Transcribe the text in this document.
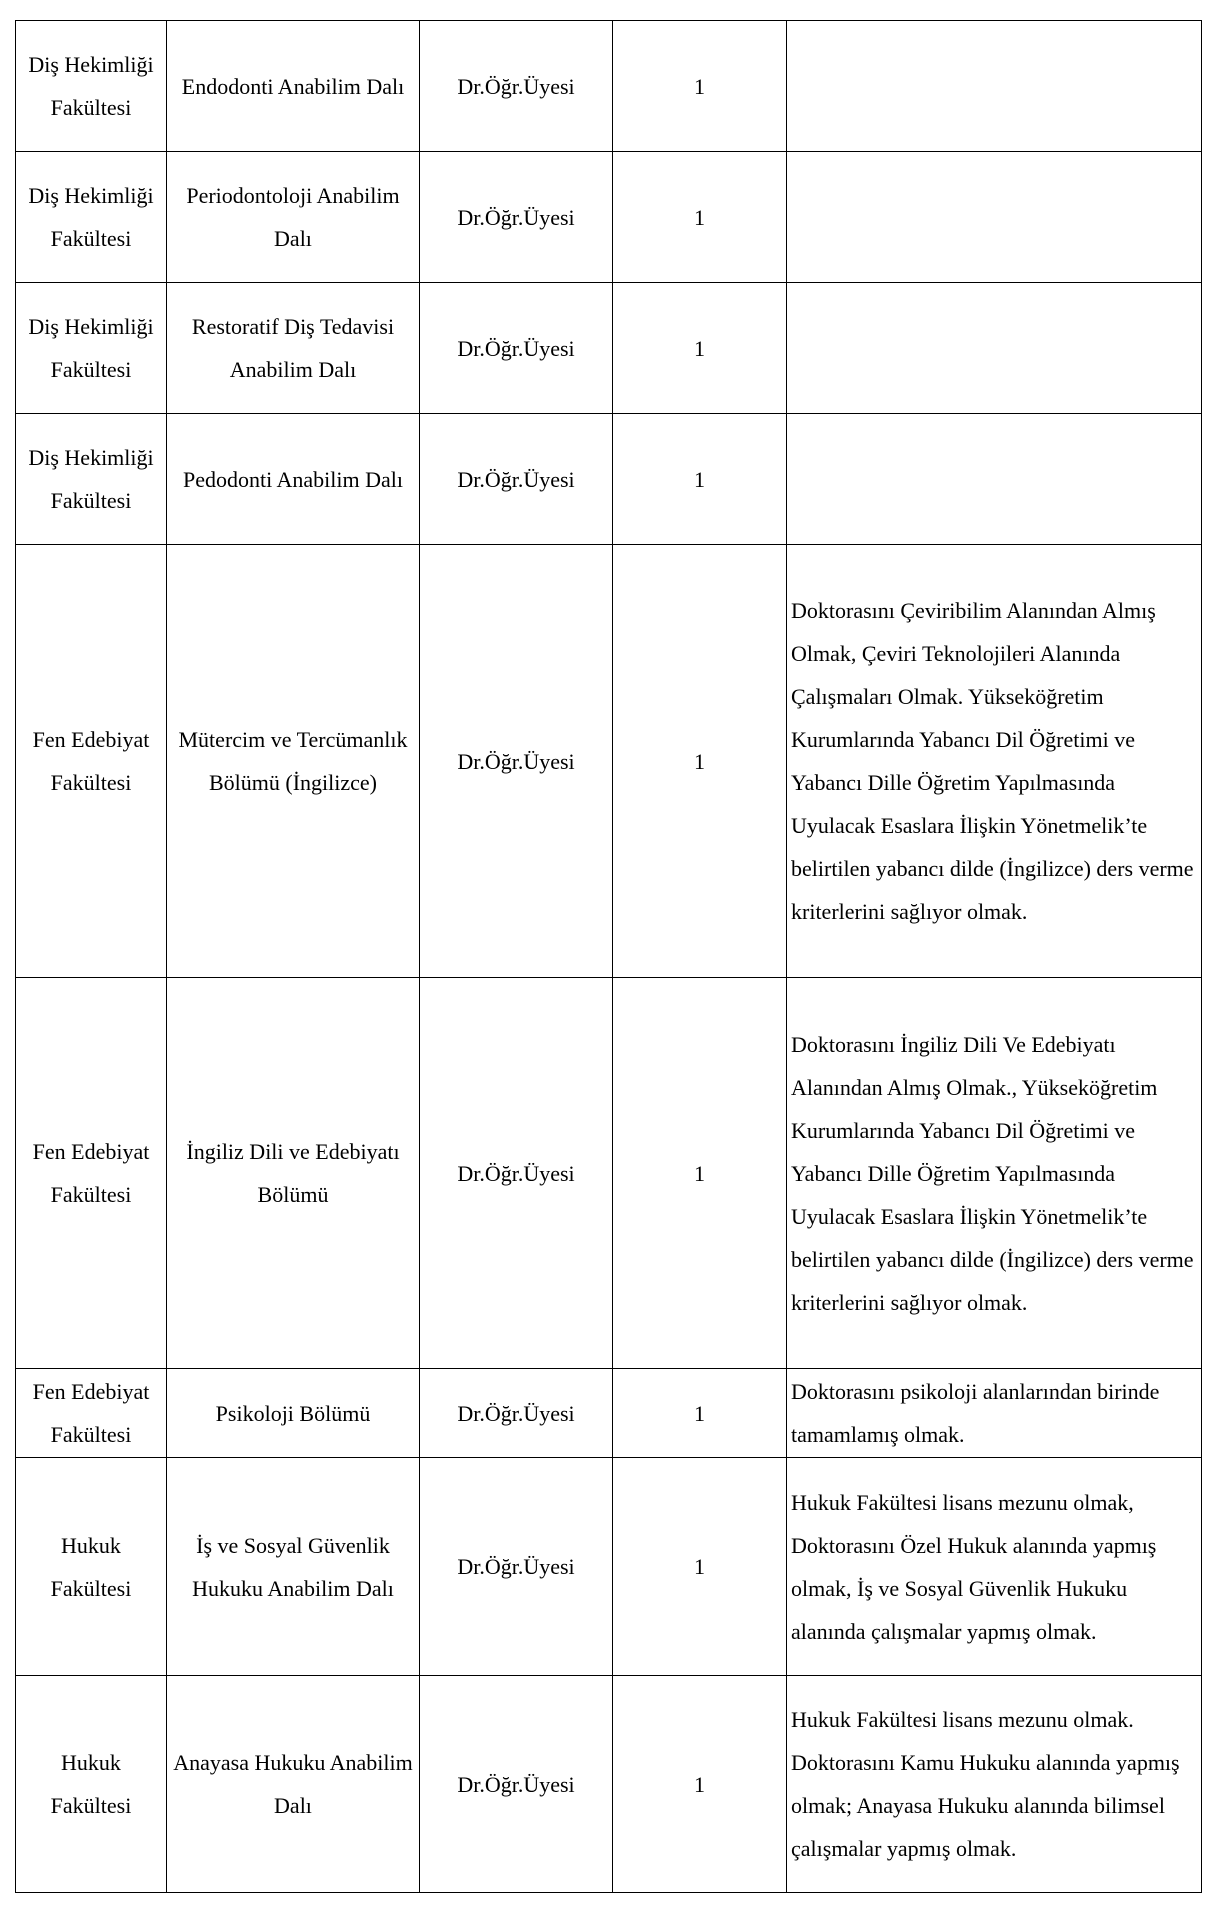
Diş Hekimliği Fakültesi	Endodonti Anabilim Dalı	Dr.Öğr.Üyesi	1	
Diş Hekimliği Fakültesi	Periodontoloji Anabilim Dalı	Dr.Öğr.Üyesi	1	
Diş Hekimliği Fakültesi	Restoratif Diş Tedavisi Anabilim Dalı	Dr.Öğr.Üyesi	1	
Diş Hekimliği Fakültesi	Pedodonti Anabilim Dalı	Dr.Öğr.Üyesi	1	
Fen Edebiyat Fakültesi	Mütercim ve Tercümanlık Bölümü (İngilizce)	Dr.Öğr.Üyesi	1	Doktorasını Çeviribilim Alanından Almış Olmak, Çeviri Teknolojileri Alanında Çalışmaları Olmak. Yükseköğretim Kurumlarında Yabancı Dil Öğretimi ve Yabancı Dille Öğretim Yapılmasında Uyulacak Esaslara İlişkin Yönetmelik’te belirtilen yabancı dilde (İngilizce) ders verme kriterlerini sağlıyor olmak.
Fen Edebiyat Fakültesi	İngiliz Dili ve Edebiyatı Bölümü	Dr.Öğr.Üyesi	1	Doktorasını İngiliz Dili Ve Edebiyatı Alanından Almış Olmak., Yükseköğretim Kurumlarında Yabancı Dil Öğretimi ve Yabancı Dille Öğretim Yapılmasında Uyulacak Esaslara İlişkin Yönetmelik’te belirtilen yabancı dilde (İngilizce) ders verme kriterlerini sağlıyor olmak.
Fen Edebiyat Fakültesi	Psikoloji Bölümü	Dr.Öğr.Üyesi	1	Doktorasını psikoloji alanlarından birinde tamamlamış olmak.
Hukuk Fakültesi	İş ve Sosyal Güvenlik Hukuku Anabilim Dalı	Dr.Öğr.Üyesi	1	Hukuk Fakültesi lisans mezunu olmak, Doktorasını Özel Hukuk alanında yapmış olmak, İş ve Sosyal Güvenlik Hukuku alanında çalışmalar yapmış olmak.
Hukuk Fakültesi	Anayasa Hukuku Anabilim Dalı	Dr.Öğr.Üyesi	1	Hukuk Fakültesi lisans mezunu olmak. Doktorasını Kamu Hukuku alanında yapmış olmak; Anayasa Hukuku alanında bilimsel çalışmalar yapmış olmak.
